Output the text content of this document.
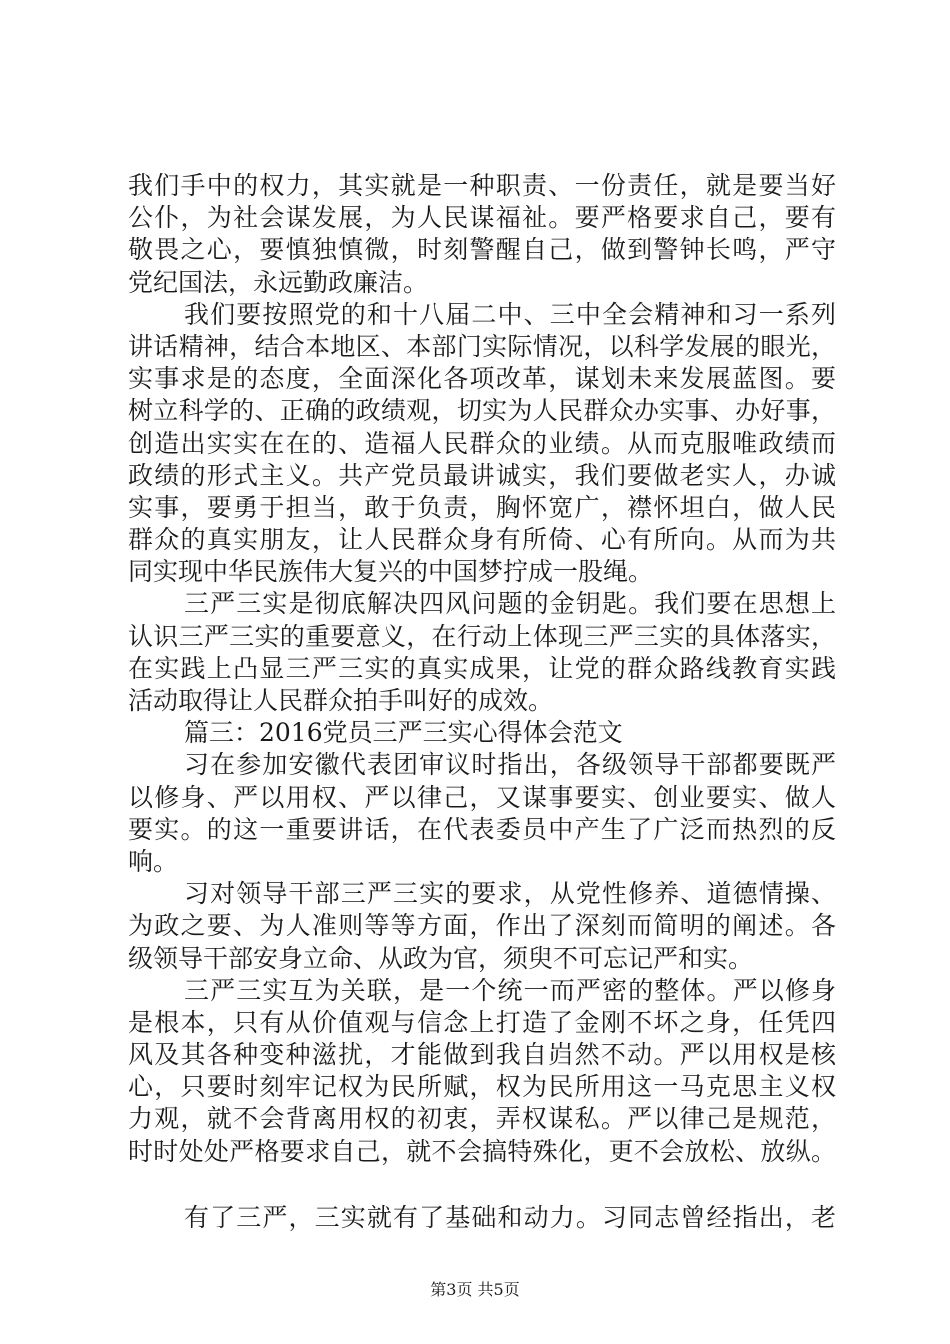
我们手中的权力，其实就是一种职责、一份责任，就是要当好
公仆，为社会谋发展，为人民谋福祉。要严格要求自己，要有
敬畏之心，要慎独慎微，时刻警醒自己，做到警钟长鸣，严守
党纪国法，永远勤政廉洁。
我们要按照党的和十八届二中、三中全会精神和习一系列
讲话精神，结合本地区、本部门实际情况，以科学发展的眼光，
实事求是的态度，全面深化各项改革，谋划未来发展蓝图。要
树立科学的、正确的政绩观，切实为人民群众办实事、办好事，
创造出实实在在的、造福人民群众的业绩。从而克服唯政绩而
政绩的形式主义。共产党员最讲诚实，我们要做老实人，办诚
实事，要勇于担当，敢于负责，胸怀宽广，襟怀坦白，做人民
群众的真实朋友，让人民群众身有所倚、心有所向。从而为共
同实现中华民族伟大复兴的中国梦拧成一股绳。
三严三实是彻底解决四风问题的金钥匙。我们要在思想上
认识三严三实的重要意义，在行动上体现三严三实的具体落实，
在实践上凸显三严三实的真实成果，让党的群众路线教育实践
活动取得让人民群众拍手叫好的成效。
篇三：2016党员三严三实心得体会范文
习在参加安徽代表团审议时指出，各级领导干部都要既严
以修身、严以用权、严以律己，又谋事要实、创业要实、做人
要实。的这一重要讲话，在代表委员中产生了广泛而热烈的反
响。
习对领导干部三严三实的要求，从党性修养、道德情操、
为政之要、为人准则等等方面，作出了深刻而简明的阐述。各
级领导干部安身立命、从政为官，须臾不可忘记严和实。
三严三实互为关联，是一个统一而严密的整体。严以修身
是根本，只有从价值观与信念上打造了金刚不坏之身，任凭四
风及其各种变种滋扰，才能做到我自岿然不动。严以用权是核
心，只要时刻牢记权为民所赋，权为民所用这一马克思主义权
力观，就不会背离用权的初衷，弄权谋私。严以律己是规范，
时时处处严格要求自己，就不会搞特殊化，更不会放松、放纵。
有了三严，三实就有了基础和动力。习同志曾经指出，老
第3页 共5页
